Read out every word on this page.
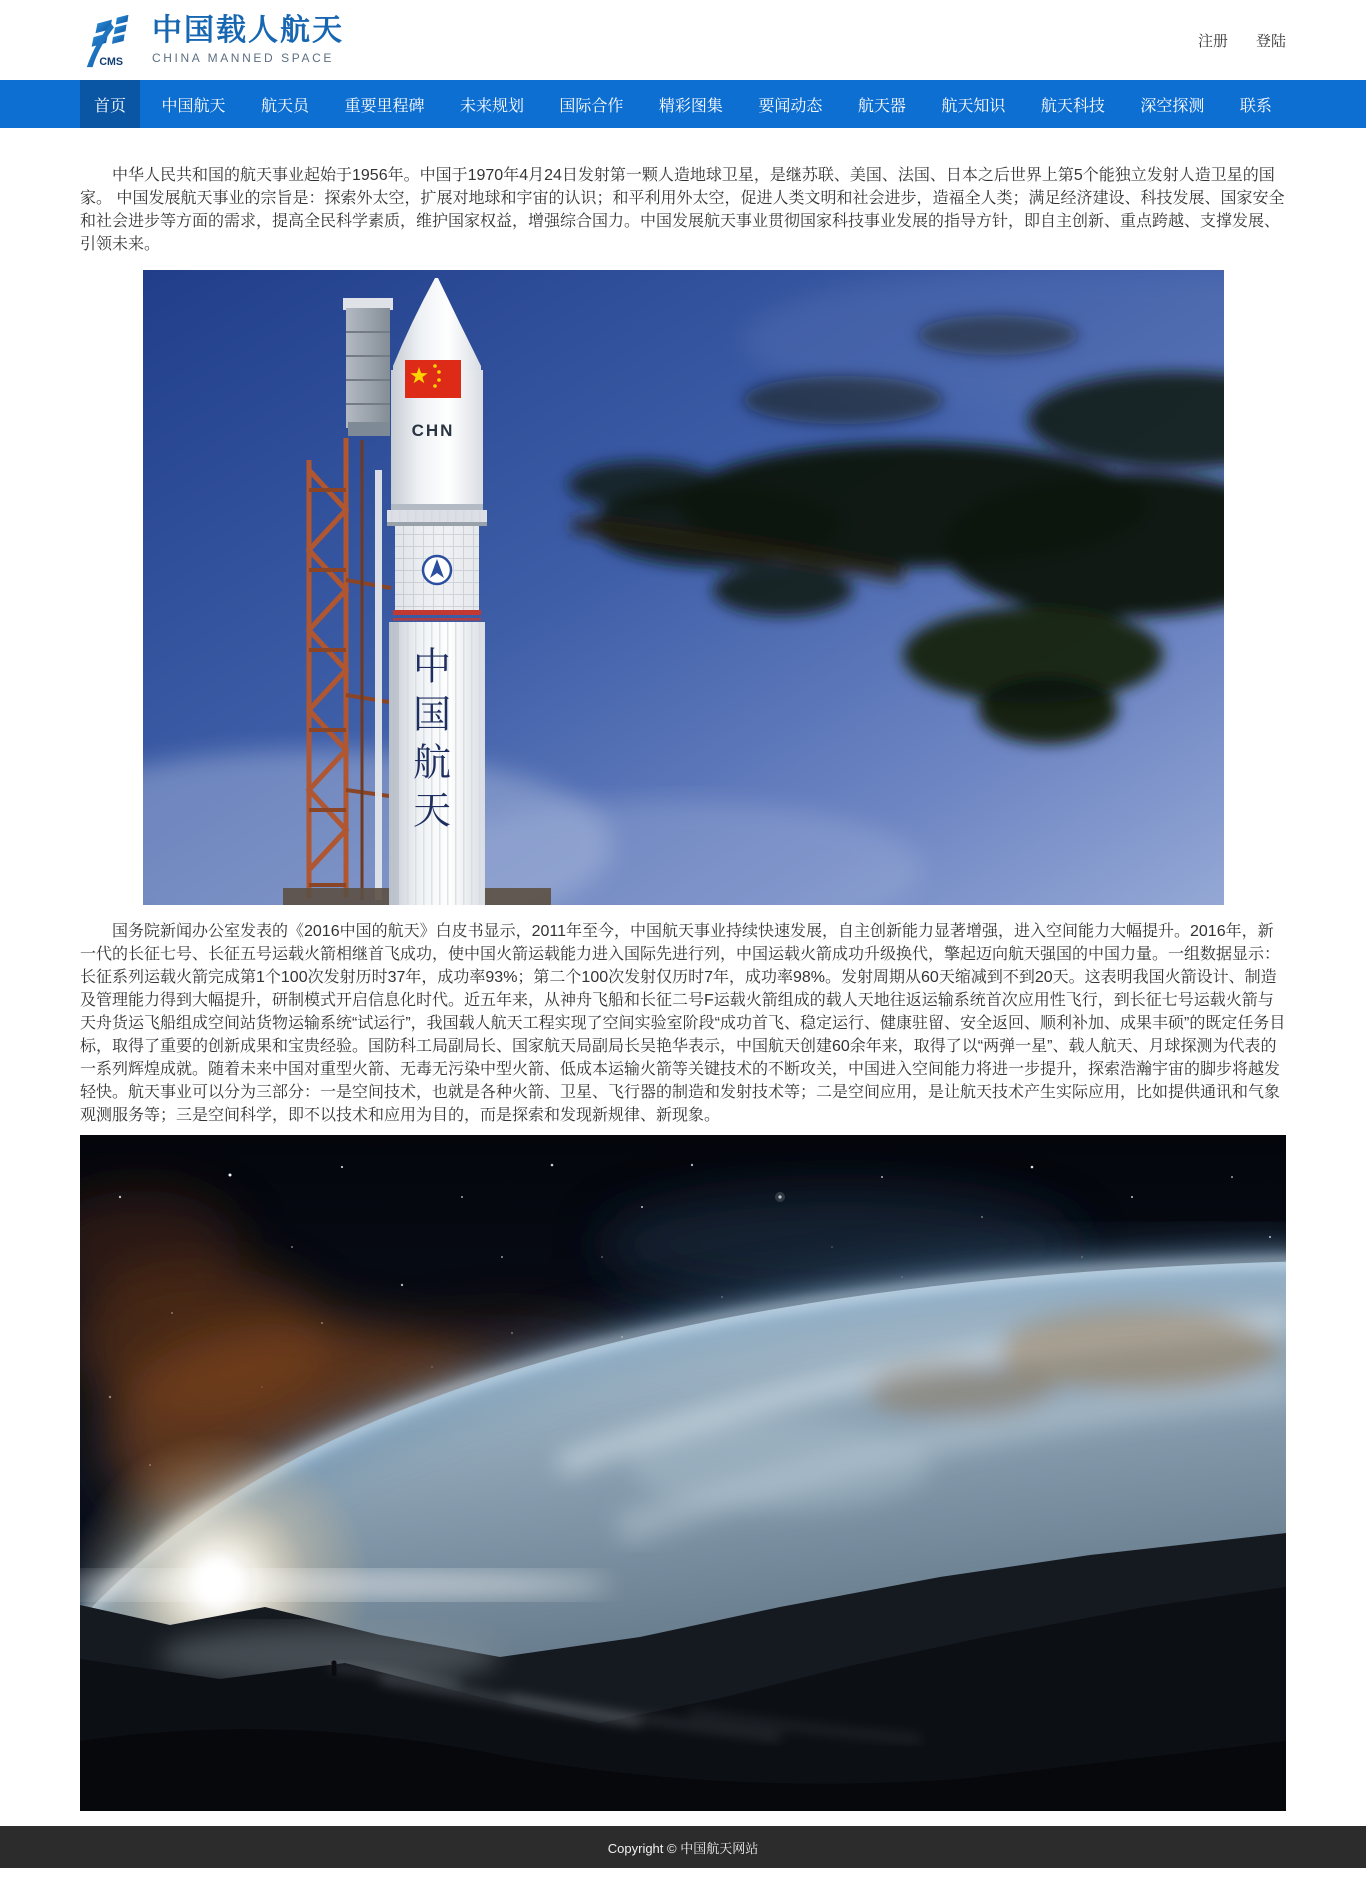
CMS
中国载人航天
CHINA MANNED SPACE
注册 登陆
首页	中国航天	航天员	重要里程碑	未来规划	国际合作	精彩图集	要闻动态	航天器	航天知识	航天科技	深空探测	联系

中华人民共和国的航天事业起始于1956年。中国于1970年4月24日发射第一颗人造地球卫星，是继苏联、美国、法国、日本之后世界上第5个能独立发射人造卫星的国家。 中国发展航天事业的宗旨是：探索外太空，扩展对地球和宇宙的认识；和平利用外太空，促进人类文明和社会进步，造福全人类；满足经济建设、科技发展、国家安全和社会进步等方面的需求，提高全民科学素质，维护国家权益，增强综合国力。中国发展航天事业贯彻国家科技事业发展的指导方针，即自主创新、重点跨越、支撑发展、引领未来。

CHN
中国航天

国务院新闻办公室发表的《2016中国的航天》白皮书显示，2011年至今，中国航天事业持续快速发展，自主创新能力显著增强，进入空间能力大幅提升。2016年，新一代的长征七号、长征五号运载火箭相继首飞成功，使中国火箭运载能力进入国际先进行列，中国运载火箭成功升级换代，擎起迈向航天强国的中国力量。一组数据显示：长征系列运载火箭完成第1个100次发射历时37年，成功率93%；第二个100次发射仅历时7年，成功率98%。发射周期从60天缩减到不到20天。这表明我国火箭设计、制造及管理能力得到大幅提升，研制模式开启信息化时代。近五年来，从神舟飞船和长征二号F运载火箭组成的载人天地往返运输系统首次应用性飞行，到长征七号运载火箭与天舟货运飞船组成空间站货物运输系统“试运行”，我国载人航天工程实现了空间实验室阶段“成功首飞、稳定运行、健康驻留、安全返回、顺利补加、成果丰硕”的既定任务目标，取得了重要的创新成果和宝贵经验。国防科工局副局长、国家航天局副局长吴艳华表示，中国航天创建60余年来，取得了以“两弹一星”、载人航天、月球探测为代表的一系列辉煌成就。随着未来中国对重型火箭、无毒无污染中型火箭、低成本运输火箭等关键技术的不断攻关，中国进入空间能力将进一步提升，探索浩瀚宇宙的脚步将越发轻快。航天事业可以分为三部分：一是空间技术，也就是各种火箭、卫星、飞行器的制造和发射技术等；二是空间应用，是让航天技术产生实际应用，比如提供通讯和气象观测服务等；三是空间科学，即不以技术和应用为目的，而是探索和发现新规律、新现象。

Copyright © 中国航天网站
